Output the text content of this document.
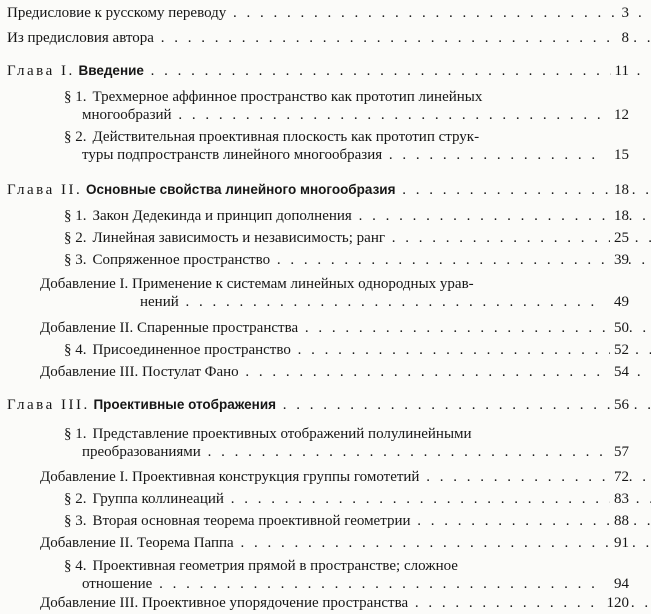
Предисловие к русскому переводу . . .	3
Из предисловия автора . . .	8
Глава I. Введение . . .	11
§ 1. Трехмерное аффинное пространство как прототип линейных
многообразий . . .	12
§ 2. Действительная проективная плоскость как прототип струк-
туры подпространств линейного многообразия . . .	15
Глава II. Основные свойства линейного многообразия . . .	18
§ 1. Закон Дедекинда и принцип дополнения . . .	18
§ 2. Линейная зависимость и независимость; ранг . . .	25
§ 3. Сопряженное пространство . . .	39
Добавление I. Применение к системам линейных однородных урав-
нений . . .	49
Добавление II. Спаренные пространства . . .	50
§ 4. Присоединенное пространство . . .	52
Добавление III. Постулат Фано . . .	54
Глава III. Проективные отображения . . .	56
§ 1. Представление проективных отображений полулинейными
преобразованиями . . .	57
Добавление I. Проективная конструкция группы гомотетий . . .	72
§ 2. Группа коллинеаций . . .	83
§ 3. Вторая основная теорема проективной геометрии . . .	88
Добавление II. Теорема Паппа . . .	91
§ 4. Проективная геометрия прямой в пространстве; сложное
отношение . . .	94
Добавление III. Проективное упорядочение пространства . . .	120
